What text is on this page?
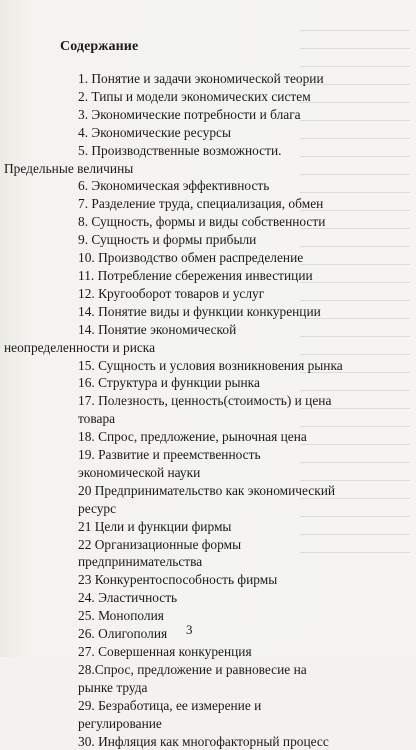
Содержание
1. Понятие и задачи экономической теории
2. Типы и модели экономических систем
3. Экономические потребности и блага
4. Экономические ресурсы
5. Производственные возможности. Предельные величины
6. Экономическая эффективность
7. Разделение труда, специализация, обмен
8. Сущность, формы и виды собственности
9. Сущность и формы прибыли
10. Производство обмен распределение
11. Потребление сбережения инвестиции
12. Кругооборот товаров и услуг
14. Понятие виды и функции конкуренции
14. Понятие экономической неопределенности и риска
15. Сущность и условия возникновения рынка
16. Структура и функции рынка
17. Полезность, ценность(стоимость) и цена товара
18. Спрос, предложение, рыночная цена
19. Развитие и преемственность экономической науки
20 Предпринимательство как экономический ресурс
21 Цели и функции фирмы
22 Организационные формы предпринимательства
23 Конкурентоспособность фирмы
24. Эластичность
25. Монополия
26. Олигополия
27. Совершенная конкуренция
28.Спрос, предложение и равновесие на рынке труда
29. Безработица, ее измерение и регулирование
30. Инфляция как многофакторный процесс
3
